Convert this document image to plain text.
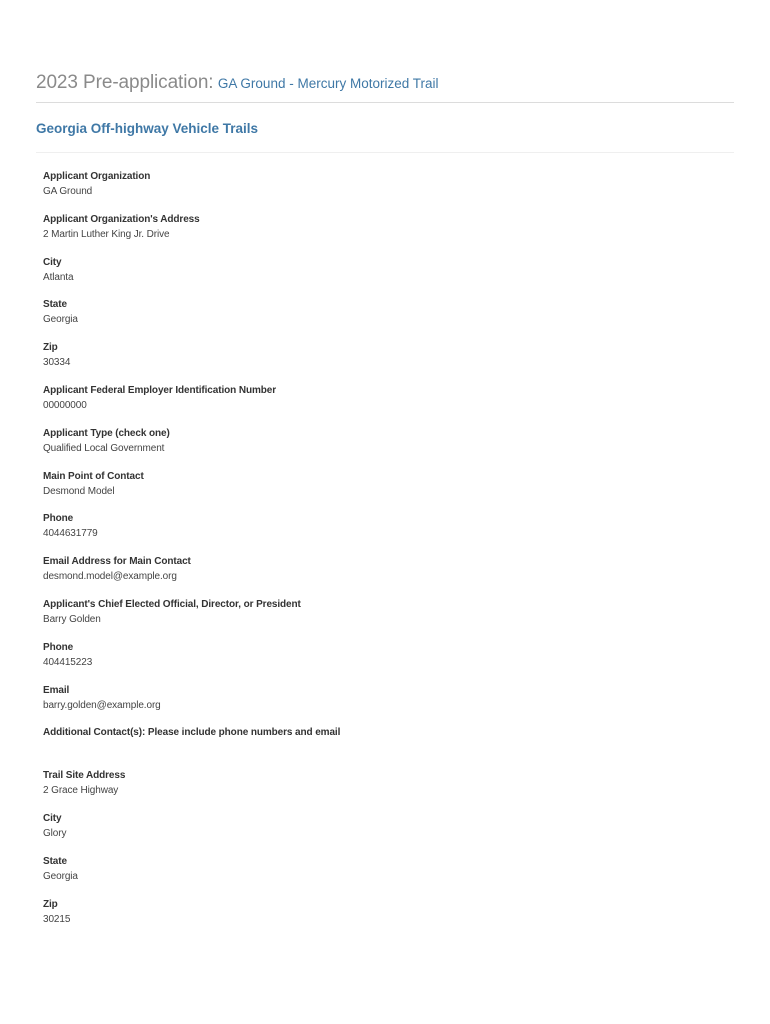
2023 Pre-application: GA Ground - Mercury Motorized Trail
Georgia Off-highway Vehicle Trails
Applicant Organization
GA Ground
Applicant Organization's Address
2 Martin Luther King Jr. Drive
City
Atlanta
State
Georgia
Zip
30334
Applicant Federal Employer Identification Number
00000000
Applicant Type (check one)
Qualified Local Government
Main Point of Contact
Desmond Model
Phone
4044631779
Email Address for Main Contact
desmond.model@example.org
Applicant's Chief Elected Official, Director, or President
Barry Golden
Phone
404415223
Email
barry.golden@example.org
Additional Contact(s): Please include phone numbers and email
Trail Site Address
2 Grace Highway
City
Glory
State
Georgia
Zip
30215
